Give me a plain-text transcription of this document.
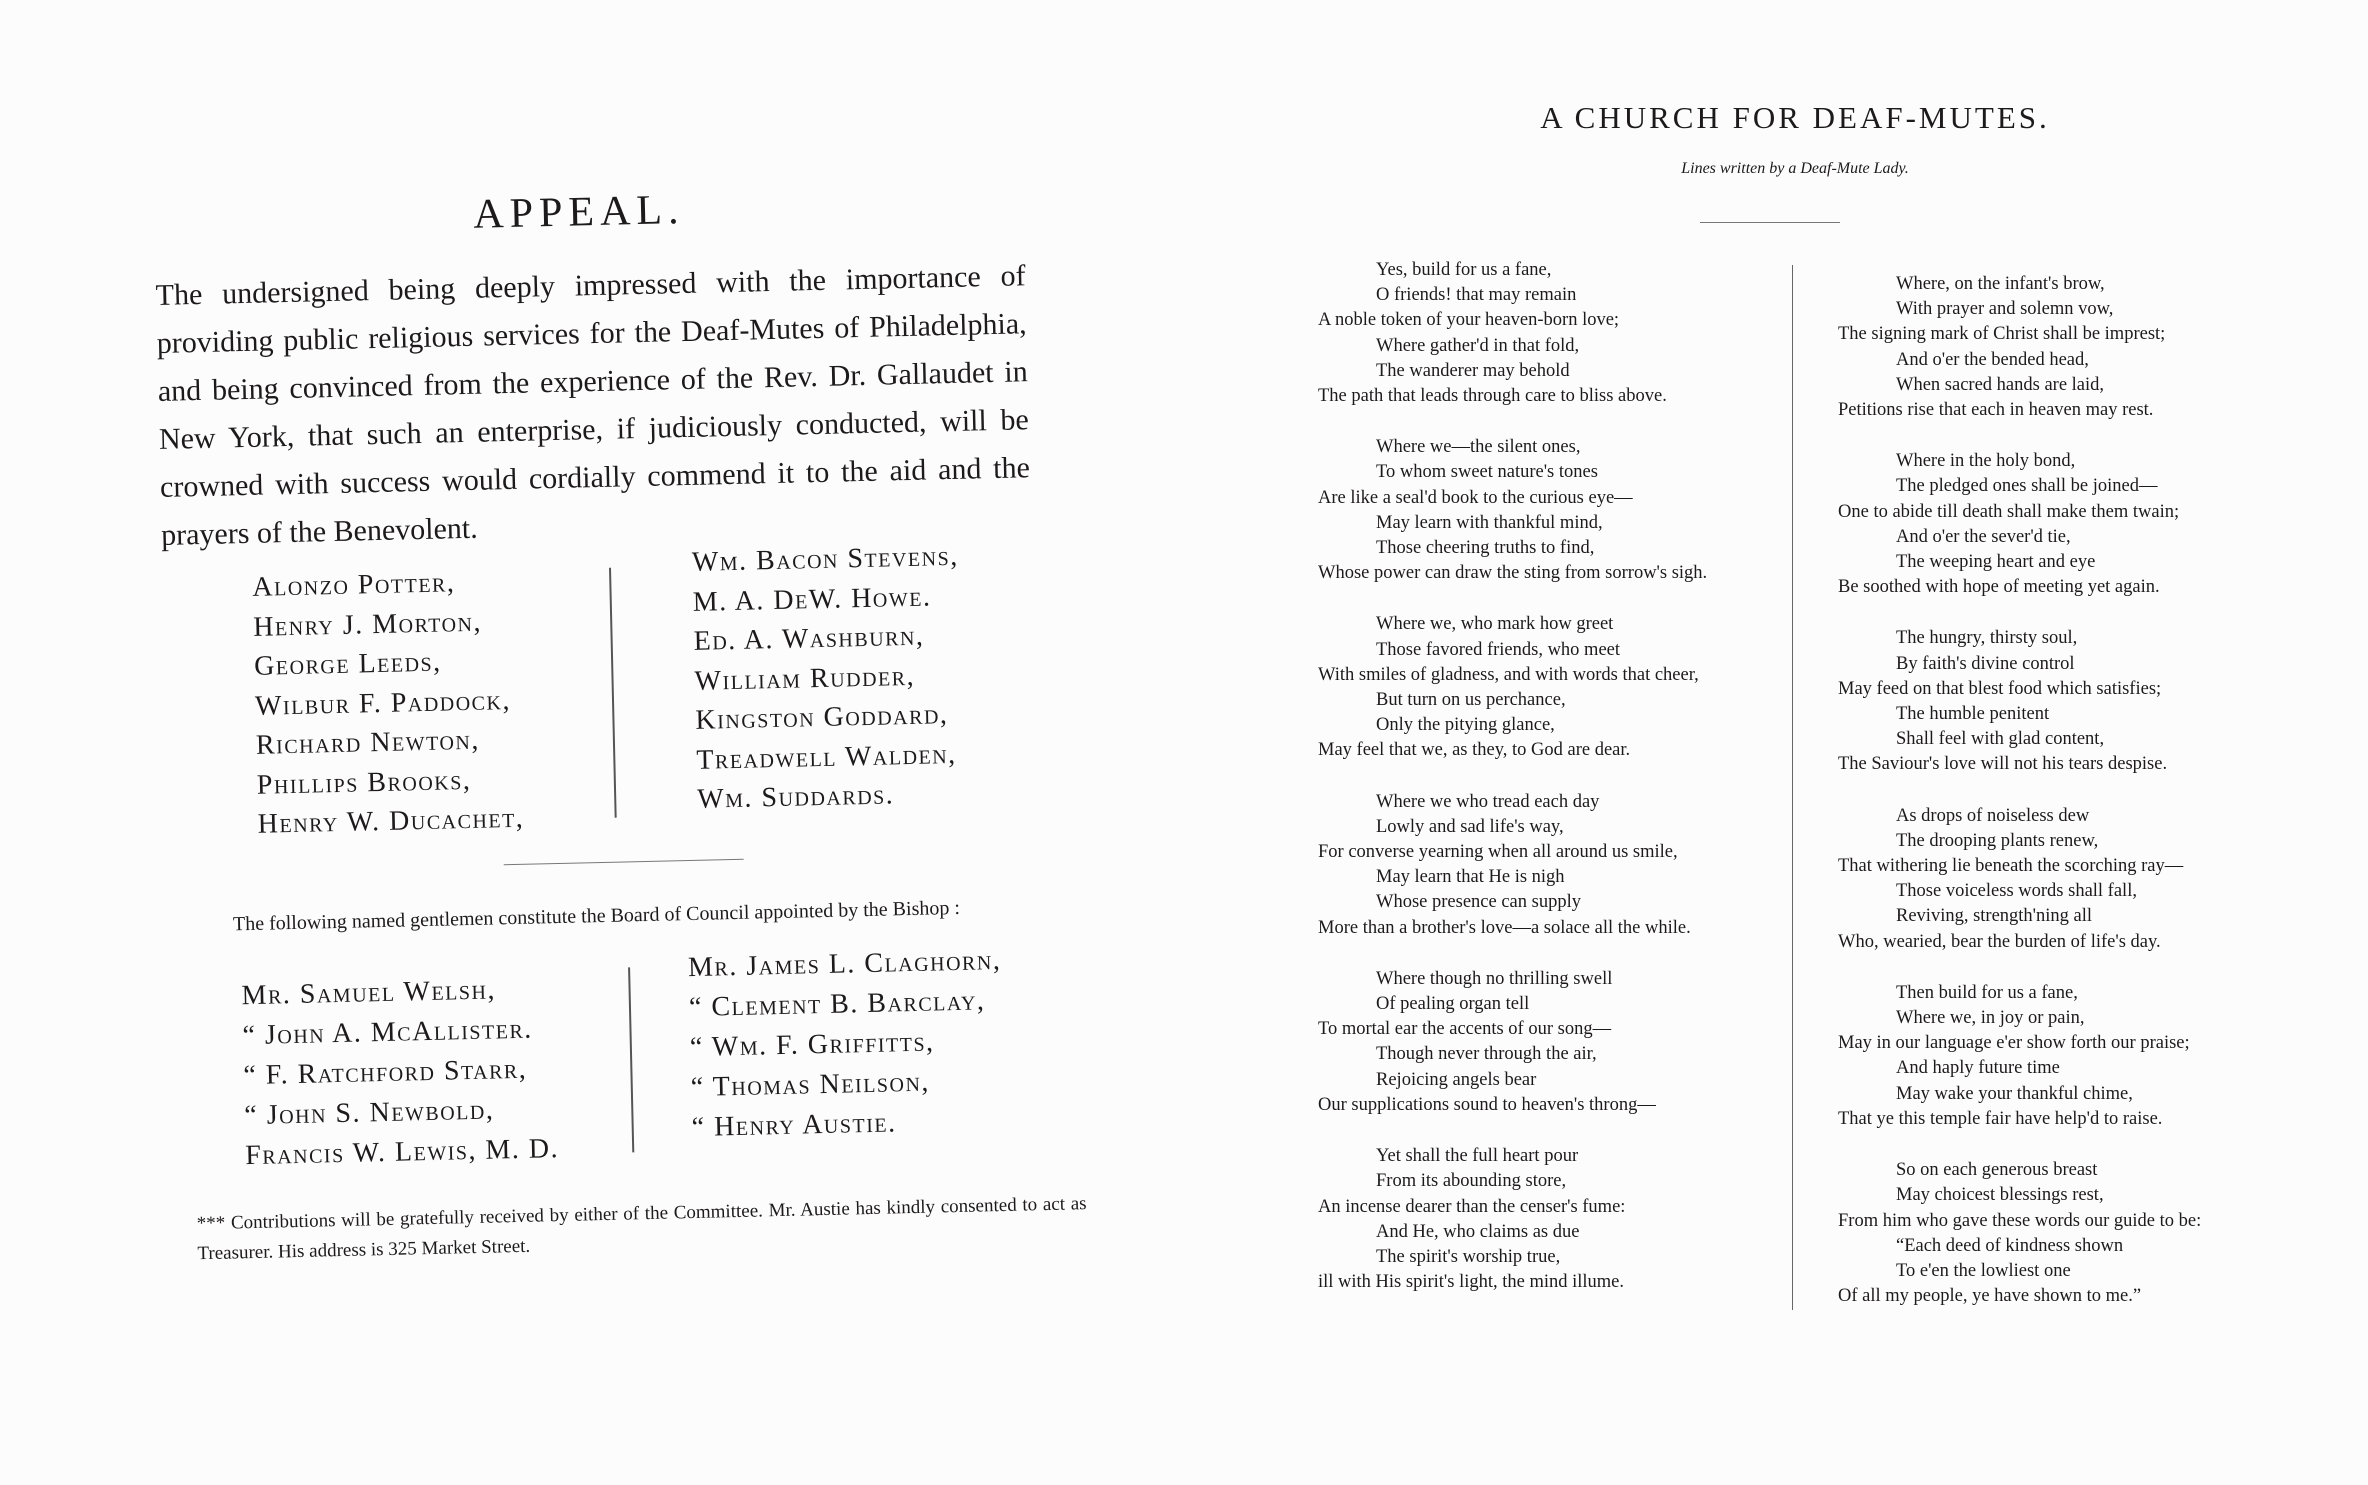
APPEAL.
The undersigned being deeply impressed with the importance of providing public religious services for the Deaf-Mutes of Philadelphia, and being convinced from the experience of the Rev. Dr. Gallaudet in New York, that such an enterprise, if judiciously conducted, will be crowned with success would cordially commend it to the aid and the prayers of the Benevolent.
Alonzo Potter,
Henry J. Morton,
George Leeds,
Wilbur F. Paddock,
Richard Newton,
Phillips Brooks,
Henry W. Ducachet,
Wm. Bacon Stevens,
M. A. DeW. Howe.
Ed. A. Washburn,
William Rudder,
Kingston Goddard,
Treadwell Walden,
Wm. Suddards.
The following named gentlemen constitute the Board of Council appointed by the Bishop :
Mr. Samuel Welsh,
“ John A. McAllister.
“ F. Ratchford Starr,
“ John S. Newbold,
Francis W. Lewis, M. D.
Mr. James L. Claghorn,
“ Clement B. Barclay,
“ Wm. F. Griffitts,
“ Thomas Neilson,
“ Henry Austie.
*** Contributions will be gratefully received by either of the Committee. Mr. Austie has kindly consented to act as Treasurer. His address is 325 Market Street.
A CHURCH FOR DEAF-MUTES.
Lines written by a Deaf-Mute Lady.
Yes, build for us a fane,
O friends! that may remain
A noble token of your heaven-born love;
Where gather'd in that fold,
The wanderer may behold
The path that leads through care to bliss above.
Where we—the silent ones,
To whom sweet nature's tones
Are like a seal'd book to the curious eye—
May learn with thankful mind,
Those cheering truths to find,
Whose power can draw the sting from sorrow's sigh.
Where we, who mark how greet
Those favored friends, who meet
With smiles of gladness, and with words that cheer,
But turn on us perchance,
Only the pitying glance,
May feel that we, as they, to God are dear.
Where we who tread each day
Lowly and sad life's way,
For converse yearning when all around us smile,
May learn that He is nigh
Whose presence can supply
More than a brother's love—a solace all the while.
Where though no thrilling swell
Of pealing organ tell
To mortal ear the accents of our song—
Though never through the air,
Rejoicing angels bear
Our supplications sound to heaven's throng—
Yet shall the full heart pour
From its abounding store,
An incense dearer than the censer's fume:
And He, who claims as due
The spirit's worship true,
ill with His spirit's light, the mind illume.
Where, on the infant's brow,
With prayer and solemn vow,
The signing mark of Christ shall be imprest;
And o'er the bended head,
When sacred hands are laid,
Petitions rise that each in heaven may rest.
Where in the holy bond,
The pledged ones shall be joined—
One to abide till death shall make them twain;
And o'er the sever'd tie,
The weeping heart and eye
Be soothed with hope of meeting yet again.
The hungry, thirsty soul,
By faith's divine control
May feed on that blest food which satisfies;
The humble penitent
Shall feel with glad content,
The Saviour's love will not his tears despise.
As drops of noiseless dew
The drooping plants renew,
That withering lie beneath the scorching ray—
Those voiceless words shall fall,
Reviving, strength'ning all
Who, wearied, bear the burden of life's day.
Then build for us a fane,
Where we, in joy or pain,
May in our language e'er show forth our praise;
And haply future time
May wake your thankful chime,
That ye this temple fair have help'd to raise.
So on each generous breast
May choicest blessings rest,
From him who gave these words our guide to be:
“Each deed of kindness shown
To e'en the lowliest one
Of all my people, ye have shown to me.”
